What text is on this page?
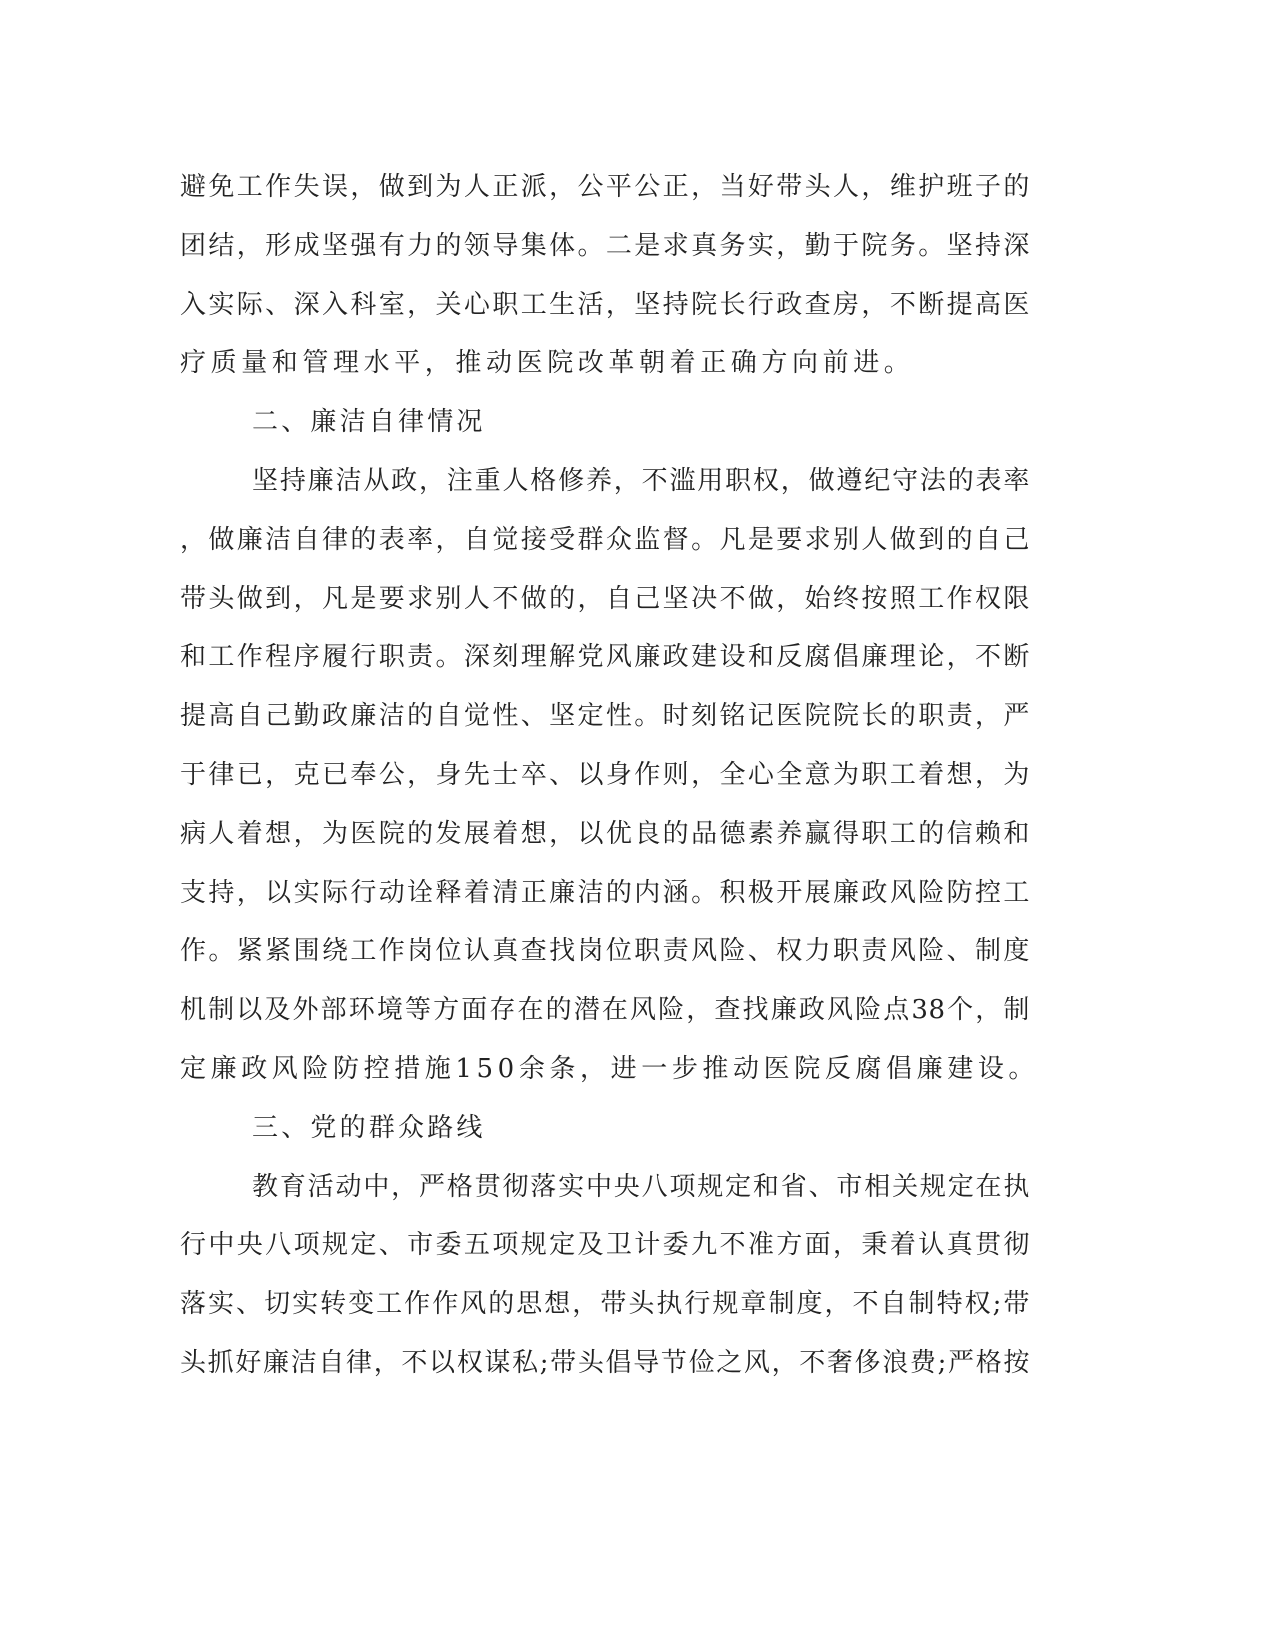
避免工作失误，做到为人正派，公平公正，当好带头人，维护班子的
团结，形成坚强有力的领导集体。二是求真务实，勤于院务。坚持深
入实际、深入科室，关心职工生活，坚持院长行政查房，不断提高医
疗质量和管理水平，推动医院改革朝着正确方向前进。
二、廉洁自律情况
坚持廉洁从政，注重人格修养，不滥用职权，做遵纪守法的表率
，做廉洁自律的表率，自觉接受群众监督。凡是要求别人做到的自己
带头做到，凡是要求别人不做的，自己坚决不做，始终按照工作权限
和工作程序履行职责。深刻理解党风廉政建设和反腐倡廉理论，不断
提高自己勤政廉洁的自觉性、坚定性。时刻铭记医院院长的职责，严
于律已，克已奉公，身先士卒、以身作则，全心全意为职工着想，为
病人着想，为医院的发展着想，以优良的品德素养赢得职工的信赖和
支持，以实际行动诠释着清正廉洁的内涵。积极开展廉政风险防控工
作。紧紧围绕工作岗位认真查找岗位职责风险、权力职责风险、制度
机制以及外部环境等方面存在的潜在风险，查找廉政风险点38个，制
定廉政风险防控措施150余条，进一步推动医院反腐倡廉建设。
三、党的群众路线
教育活动中，严格贯彻落实中央八项规定和省、市相关规定在执
行中央八项规定、市委五项规定及卫计委九不准方面，秉着认真贯彻
落实、切实转变工作作风的思想，带头执行规章制度，不自制特权;带
头抓好廉洁自律，不以权谋私;带头倡导节俭之风，不奢侈浪费;严格按
